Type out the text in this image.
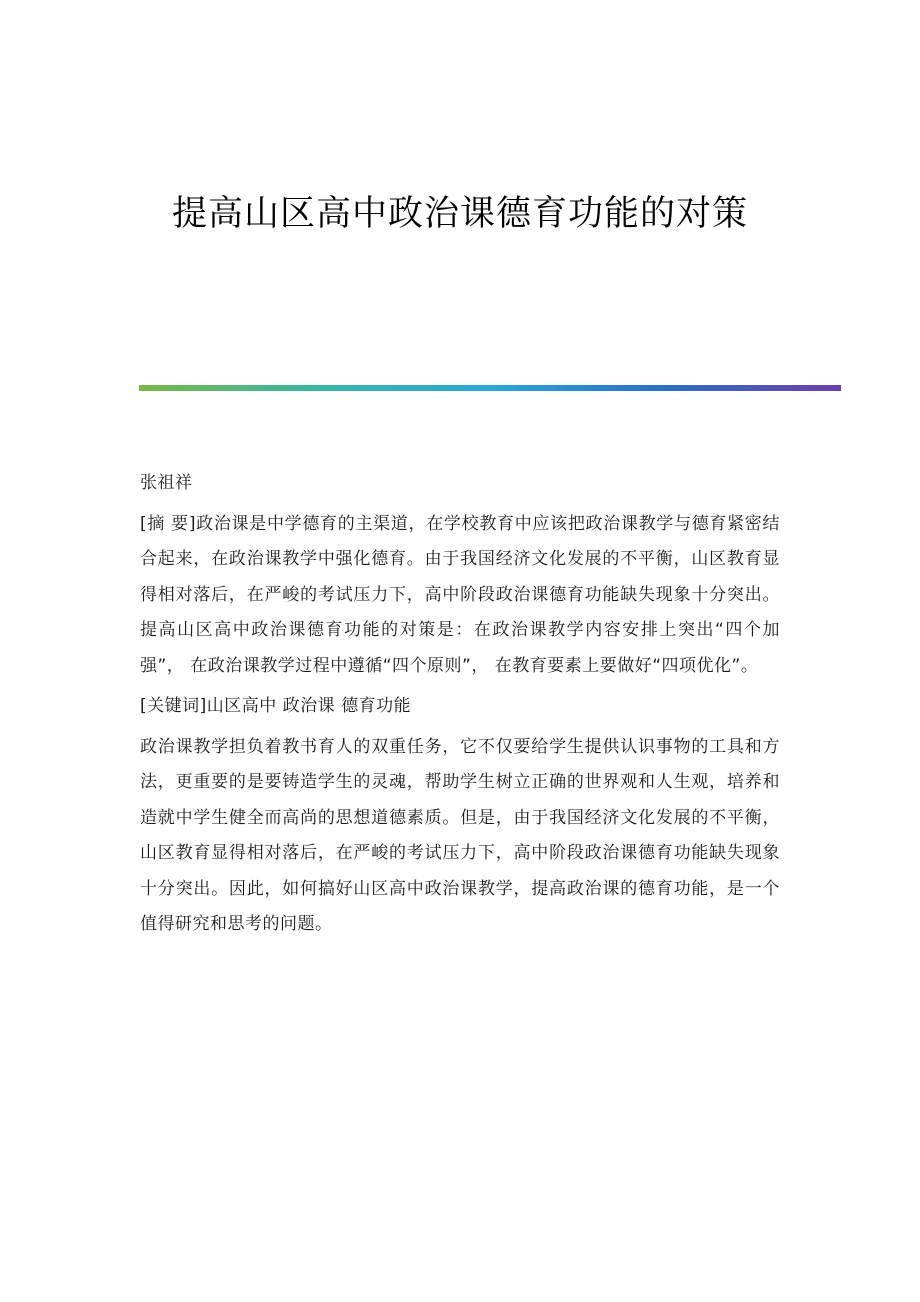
提高山区高中政治课德育功能的对策

张祖祥

[摘 要]政治课是中学德育的主渠道，在学校教育中应该把政治课教学与德育紧密结合起来，在政治课教学中强化德育。由于我国经济文化发展的不平衡，山区教育显得相对落后，在严峻的考试压力下，高中阶段政治课德育功能缺失现象十分突出。提高山区高中政治课德育功能的对策是：在政治课教学内容安排上突出“四个加强”， 在政治课教学过程中遵循“四个原则”， 在教育要素上要做好“四项优化”。

[关键词]山区高中 政治课 德育功能

政治课教学担负着教书育人的双重任务，它不仅要给学生提供认识事物的工具和方法，更重要的是要铸造学生的灵魂，帮助学生树立正确的世界观和人生观，培养和造就中学生健全而高尚的思想道德素质。但是，由于我国经济文化发展的不平衡，山区教育显得相对落后，在严峻的考试压力下，高中阶段政治课德育功能缺失现象十分突出。因此，如何搞好山区高中政治课教学，提高政治课的德育功能，是一个值得研究和思考的问题。
